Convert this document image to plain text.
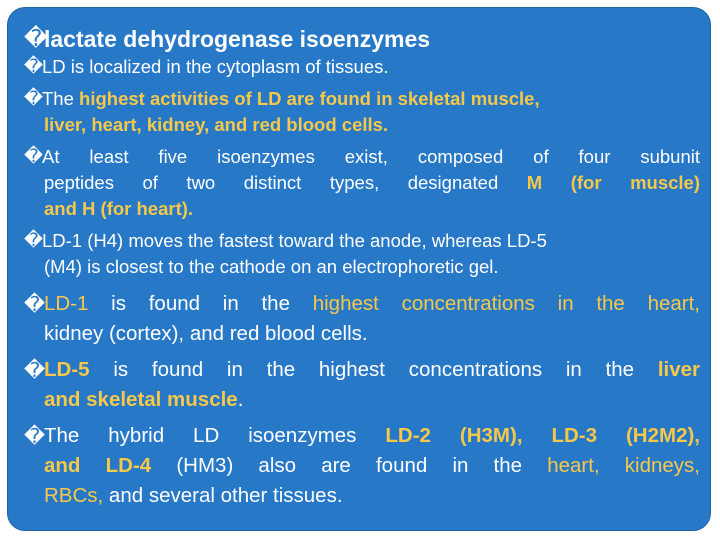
�
lactate dehydrogenase isoenzymes
� LD is localized in the cytoplasm of tissues.
� The highest activities of LD are found in skeletal muscle,
liver, heart, kidney, and red blood cells.
� At least five isoenzymes exist, composed of four subunit
peptides of two distinct types, designated M (for muscle)
and H (for heart).
� LD-1 (H4) moves the fastest toward the anode, whereas LD-5
(M4) is closest to the cathode on an electrophoretic gel.
�
LD-1 is found in the highest concentrations in the heart,
kidney (cortex), and red blood cells.
�
LD-5 is found in the highest concentrations in the liver
and skeletal muscle.
�
The hybrid LD isoenzymes LD-2 (H3M), LD-3 (H2M2),
and LD-4 (HM3) also are found in the heart, kidneys,
RBCs, and several other tissues.
